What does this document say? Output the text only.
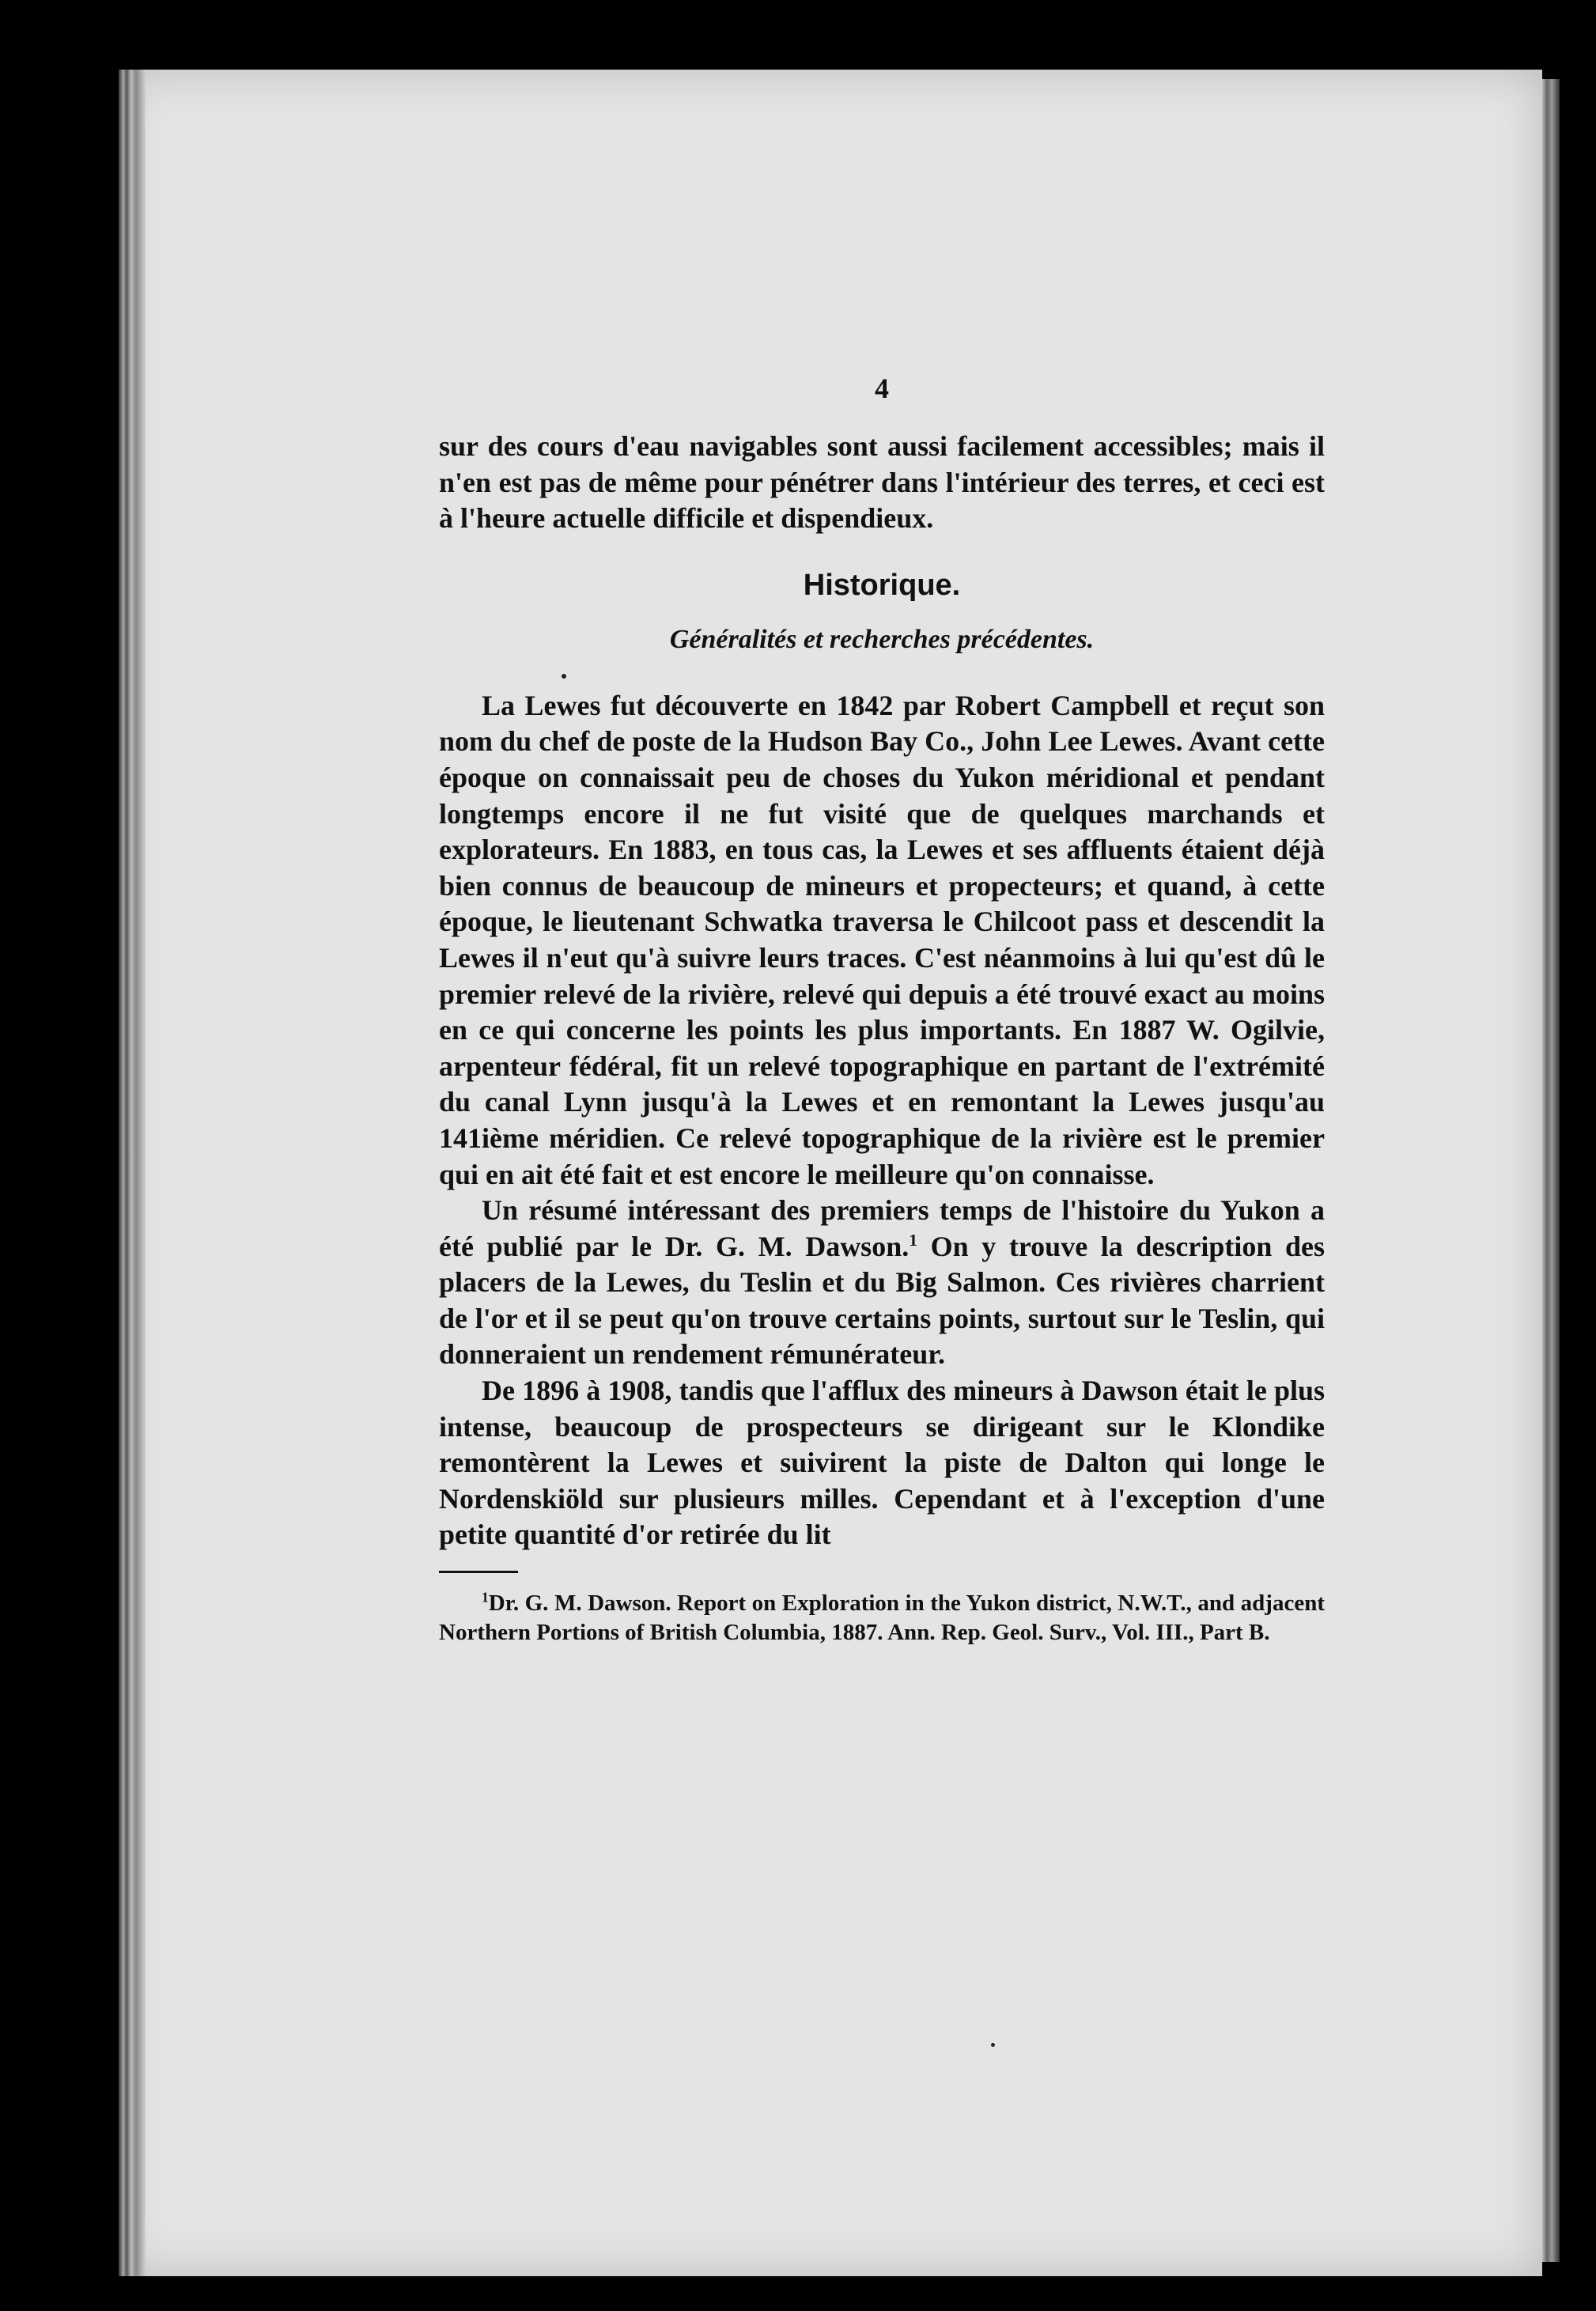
4

sur des cours d'eau navigables sont aussi facilement accessibles; mais il n'en est pas de même pour pénétrer dans l'intérieur des terres, et ceci est à l'heure actuelle difficile et dispendieux.

Historique.
Généralités et recherches précédentes.

La Lewes fut découverte en 1842 par Robert Campbell et reçut son nom du chef de poste de la Hudson Bay Co., John Lee Lewes. Avant cette époque on connaissait peu de choses du Yukon méridional et pendant longtemps encore il ne fut visité que de quelques marchands et explorateurs. En 1883, en tous cas, la Lewes et ses affluents étaient déjà bien connus de beaucoup de mineurs et propecteurs; et quand, à cette époque, le lieutenant Schwatka traversa le Chilcoot pass et descendit la Lewes il n'eut qu'à suivre leurs traces. C'est néanmoins à lui qu'est dû le premier relevé de la rivière, relevé qui depuis a été trouvé exact au moins en ce qui concerne les points les plus importants. En 1887 W. Ogilvie, arpenteur fédéral, fit un relevé topographique en partant de l'extrémité du canal Lynn jusqu'à la Lewes et en remontant la Lewes jusqu'au 141ième méridien. Ce relevé topographique de la rivière est le premier qui en ait été fait et est encore le meilleure qu'on connaisse.

Un résumé intéressant des premiers temps de l'histoire du Yukon a été publié par le Dr. G. M. Dawson.$^1$ On y trouve la description des placers de la Lewes, du Teslin et du Big Salmon. Ces rivières charrient de l'or et il se peut qu'on trouve certains points, surtout sur le Teslin, qui donneraient un rendement rémunérateur.

De 1896 à 1908, tandis que l'afflux des mineurs à Dawson était le plus intense, beaucoup de prospecteurs se dirigeant sur le Klondike remontèrent la Lewes et suivirent la piste de Dalton qui longe le Nordenskiöld sur plusieurs milles. Cependant et à l'exception d'une petite quantité d'or retirée du lit

$^1$Dr. G. M. Dawson. Report on Exploration in the Yukon district, N.W.T., and adjacent Northern Portions of British Columbia, 1887. Ann. Rep. Geol. Surv., Vol. III., Part B.
